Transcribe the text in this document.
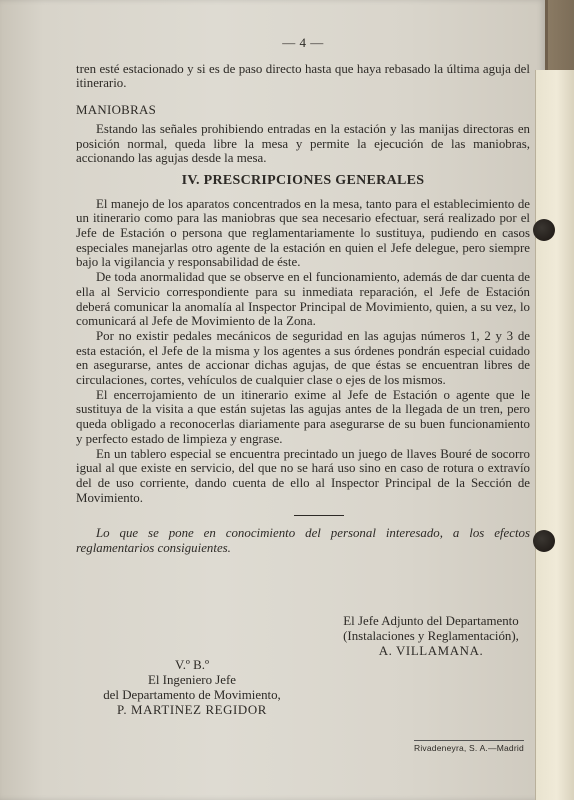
— 4 —

tren esté estacionado y si es de paso directo hasta que haya rebasado la última aguja del itinerario.

MANIOBRAS

Estando las señales prohibiendo entradas en la estación y las manijas directoras en posición normal, queda libre la mesa y permite la ejecución de las maniobras, accionando las agujas desde la mesa.

IV. PRESCRIPCIONES GENERALES

El manejo de los aparatos concentrados en la mesa, tanto para el establecimiento de un itinerario como para las maniobras que sea necesario efectuar, será realizado por el Jefe de Estación o persona que reglamentariamente lo sustituya, pudiendo en casos especiales manejarlas otro agente de la estación en quien el Jefe delegue, pero siempre bajo la vigilancia y responsabilidad de éste.

De toda anormalidad que se observe en el funcionamiento, además de dar cuenta de ella al Servicio correspondiente para su inmediata reparación, el Jefe de Estación deberá comunicar la anomalía al Inspector Principal de Movimiento, quien, a su vez, lo comunicará al Jefe de Movimiento de la Zona.

Por no existir pedales mecánicos de seguridad en las agujas números 1, 2 y 3 de esta estación, el Jefe de la misma y los agentes a sus órdenes pondrán especial cuidado en asegurarse, antes de accionar dichas agujas, de que éstas se encuentran libres de circulaciones, cortes, vehículos de cualquier clase o ejes de los mismos.

El encerrojamiento de un itinerario exime al Jefe de Estación o agente que le sustituya de la visita a que están sujetas las agujas antes de la llegada de un tren, pero queda obligado a reconocerlas diariamente para asegurarse de su buen funcionamiento y perfecto estado de limpieza y engrase.

En un tablero especial se encuentra precintado un juego de llaves Bouré de socorro igual al que existe en servicio, del que no se hará uso sino en caso de rotura o extravío del de uso corriente, dando cuenta de ello al Inspector Principal de la Sección de Movimiento.

Lo que se pone en conocimiento del personal interesado, a los efectos reglamentarios consiguientes.

El Jefe Adjunto del Departamento
(Instalaciones y Reglamentación),
A. VILLAMANA.
V.º B.º
El Ingeniero Jefe
del Departamento de Movimiento,
P. MARTINEZ REGIDOR
Rivadeneyra, S. A.—Madrid
